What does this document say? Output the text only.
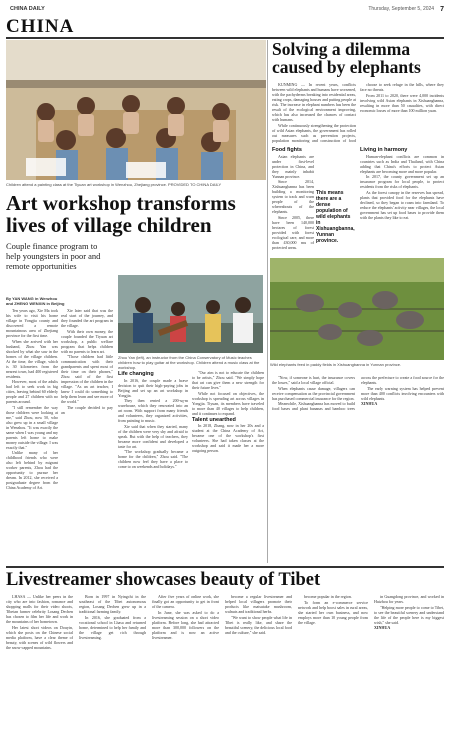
CHINA DAILY	Thursday, September 5, 2024 7
CHINA
Children attend a painting class at the Tiyuan art workshop in Wenzhou, Zhejiang province. PROVIDED TO CHINA DAILY
Art workshop transforms lives of village children
Couple finance program to help youngsters in poor and remote opportunities
By YAN WANG in Wenzhou
and ZHENG WENXIN in Beijing

Ten years ago, Xie Ma took his wife to visit his home village in Yongjia county and discovered a remote mountainous area of Zhejiang province for the first time.

When she arrived with her husband, Zhou Yan was shocked by what she saw in the homes of the village children. At the time, the village, which is 30 kilometers from the nearest town, had 400 registered residents.

However, most of the adults had left to seek work in big cities, leaving behind 60 elderly people and 27 children with no parents around.

"I still remember the way those children were looking at me," said Zhou, now 50, who also grew up in a small village in Wenzhou. "It was exactly the same when I was young and my parents left home to make money outside the village. I was exactly that."

Unlike many of her childhood friends who were also left behind by migrant worker parents, Zhou had the opportunity to pursue her dream. In 2012, she received a postgraduate degree from the China Academy of Art.

Xie later said that was the real start of the journey, and they founded the art program in the village.

With their own money, the couple founded the Tiyuan art workshop, a public welfare program that helps children with no parents to learn art.

"Those children had little communication with their grandparents and spent most of their time on their phones," Zhou said of the first impression of the children in the village. "As an art teacher, I knew I could do something to help them learn and see more of the world."

The couple decided to pay an

Zhou Yan (left), an instructor from the China Conservatory of Music teaches children how to play guitar at the workshop. Children attend a music class at the workshop.

Life changing

In 2016, the couple made a brave decision to quit their high-paying jobs in Beijing and set up an art workshop in Yongjia.

They then rented a 200-sq-m warehouse, which they renovated into an art room. With support from many friends and volunteers, they organized activities, from painting to music.

Xie said that when they started, many of the children were very shy and afraid to speak. But with the help of teachers, they became more confident and developed a taste for art.

"The workshop gradually became a home for the children," Zhou said. "The children now feel they have a place to come to on weekends and holidays."

"Our aim is not to educate the children to be artists," Zhou said. "We simply hope that art can give them a new strength for their future lives."

While not focused on objectives, the workshop is spreading art across villages in Yongjia. Tiyuan, its members have traveled to more than 40 villages to help children, and it continues to expand.

Talent unearthed

In 2018, Zhang, now in her 20s and a student at the China Academy of Art, became one of the workshop's first volunteers. She had taken classes at the workshop and said it made her a more outgoing person.

Solving a dilemma caused by elephants

KUNMING — In recent years, conflicts between wild elephants and humans have worsened, with the pachyderms breaking into residential areas, eating crops, damaging houses and putting people at risk. The increase in elephant numbers has been the result of the ecological environment improving, which has also increased the chances of contact with humans.

While continuously strengthening the protection of wild Asian elephants, the government has rolled out measures such as prevention projects, population monitoring and construction of food

Food fights

Asian elephants are under first-level protection in China, and they mainly inhabit Yunnan province.

Since 2014, Xishuangbanna has been building a monitoring system to track and warn people of the whereabouts of the elephants.

Since 2005, there have been 140,000 hectares of forest provided with forest ecological care, and more than 430,000 mu of protected areas.

This means there are a dense population of wild elephants in Xishuangbanna, Yunnan province.

choose to seek refuge in the hills, where they face no threats.

From 2011 to 2020, there were 4,000 incidents involving wild Asian elephants in Xishuangbanna, resulting in more than 50 casualties, with direct economic losses of more than 100 million yuan.

Living in harmony

Human-elephant conflicts are common in countries such as India and Thailand, with China adding that China's efforts to protect Asian elephants are becoming more and more popular.

In 2017, the county government set up an insurance program for local people, to protect residents from the risks of elephants.

As the forest canopy in the reserves has spread, plants that provided food for the elephants have declined, so they began to roam into farmland. To reduce the elephants' activity near villages, the local government has set up food bases to provide them with the plants they like to eat.

Wild elephants feed in paddy fields in Xishuangbanna in Yunnan province.

"Now, if someone is hurt, the insurance covers the losses," said a local village official.

When elephants cause damage, villagers can receive compensation as the provincial government has purchased commercial insurance for the region.

Meanwhile, Xishuangbanna has moved to build food bases and plant bananas and bamboo trees across the prefecture to create a food source for the elephants.

The early warning system has helped prevent more than 400 conflicts involving encounters with wild elephants.

XINHUA

Livestreamer showcases beauty of Tibet

LHASA — Unlike her peers in the city who are into fashion, romance and shopping malls for their video shoots, Tibetan farmer celebrity Losang Dechen has chosen to film her life and work in the mountains of her hometown.

Her latest short videos on Douyin, which she posts on the Chinese social media platform, have a clear theme of beauty, with scenes of wild flowers and the snow-capped mountains.

Born in 1997 in Nyingchi in the southeast of the Tibet autonomous region, Losang Dechen grew up in a traditional farming family.

In 2016, she graduated from a vocational school in Lhasa and returned home, determined to help her family and the village get rich through livestreaming.

After five years of online work, she finally got an opportunity to get in front of the camera.

In June, she was asked to do a livestreaming session on a short video platform. Before long, she had attracted more than 300,000 followers on the platform and is now an active livestreamer.

become a regular livestreamer and helped local villagers promote their products like matsutake mushroom, walnuts and traditional herbs.

"We want to show people what life in Tibet is really like, and share the beautiful scenery, the delicious local food and the culture," she said.

become popular in the region.

To form an e-commerce service network and help boost sales in rural areas, she started her own business, and now employs more than 10 young people from the village.

in Guangdong province, and worked in Huizhou for years.

"Helping more people to come to Tibet, to see the beautiful scenery and understand the life of the people here is my biggest wish," she said.

XINHUA
